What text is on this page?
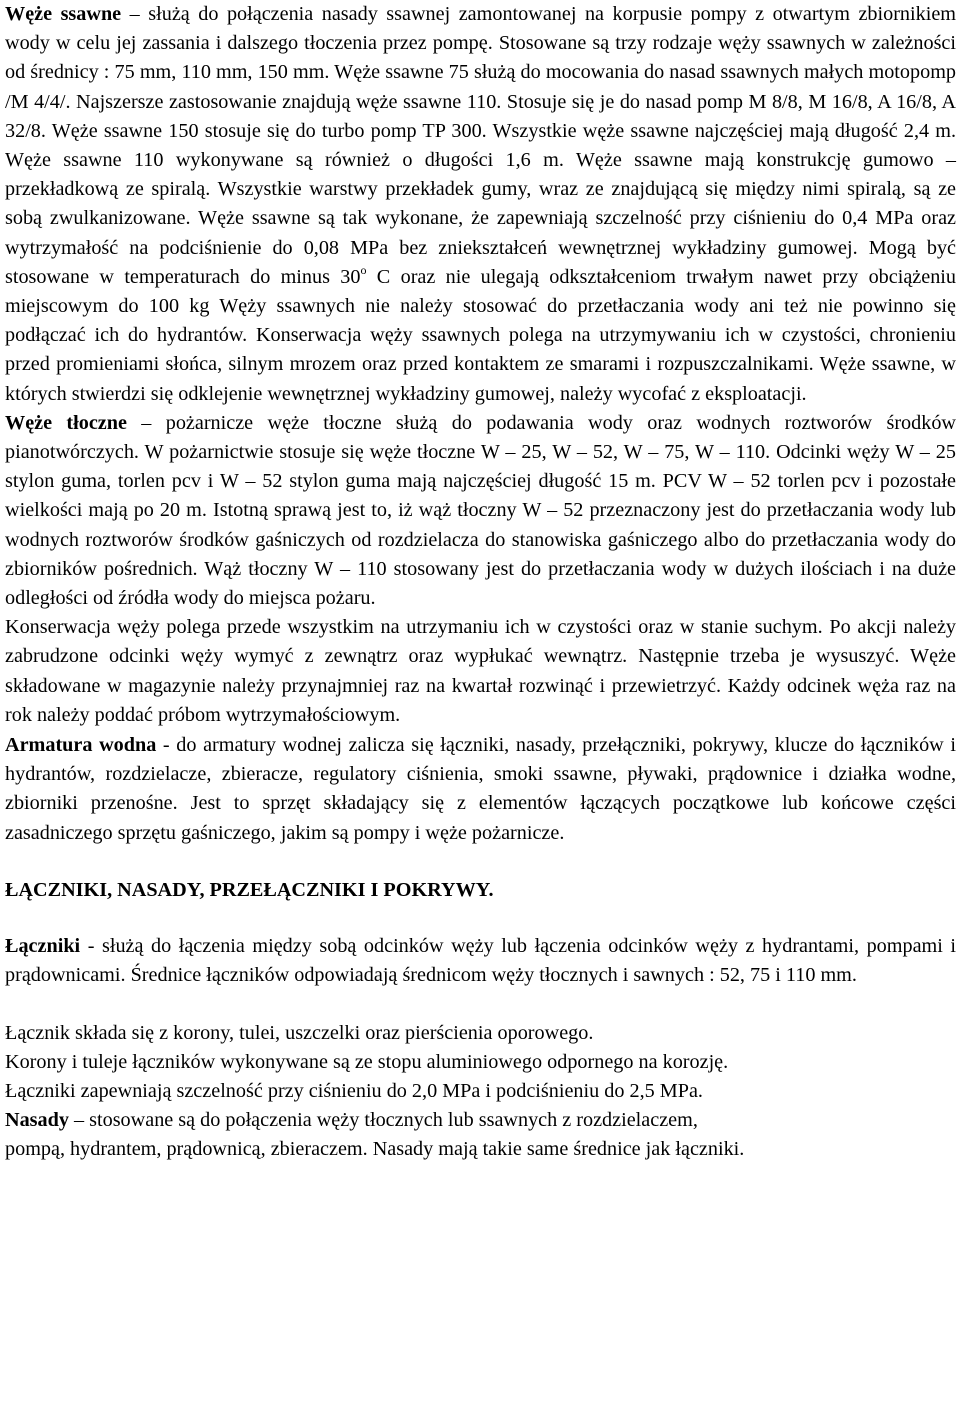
Węże ssawne – służą do połączenia nasady ssawnej zamontowanej na korpusie pompy z otwartym zbiornikiem wody w celu jej zassania i dalszego tłoczenia przez pompę. Stosowane są trzy rodzaje węży ssawnych w zależności od średnicy : 75 mm, 110 mm, 150 mm. Węże ssawne 75 służą do mocowania do nasad ssawnych małych motopomp /M 4/4/. Najszersze zastosowanie znajdują węże ssawne 110. Stosuje się je do nasad pomp M 8/8, M 16/8, A 16/8, A 32/8. Węże ssawne 150 stosuje się do turbo pomp TP 300. Wszystkie węże ssawne najczęściej mają długość 2,4 m. Węże ssawne 110 wykonywane są również o długości 1,6 m. Węże ssawne mają konstrukcję gumowo – przekładkową ze spiralą. Wszystkie warstwy przekładek gumy, wraz ze znajdującą się między nimi spiralą, są ze sobą zwulkanizowane. Węże ssawne są tak wykonane, że zapewniają szczelność przy ciśnieniu do 0,4 MPa oraz wytrzymałość na podciśnienie do 0,08 MPa bez zniekształceń wewnętrznej wykładziny gumowej. Mogą być stosowane w temperaturach do minus 30$^o$ C oraz nie ulegają odkształceniom trwałym nawet przy obciążeniu miejscowym do 100 kg Węży ssawnych nie należy stosować do przetłaczania wody ani też nie powinno się podłączać ich do hydrantów. Konserwacja węży ssawnych polega na utrzymywaniu ich w czystości, chronieniu przed promieniami słońca, silnym mrozem oraz przed kontaktem ze smarami i rozpuszczalnikami. Węże ssawne, w których stwierdzi się odklejenie wewnętrznej wykładziny gumowej, należy wycofać z eksploatacji.

Węże tłoczne – pożarnicze węże tłoczne służą do podawania wody oraz wodnych roztworów środków pianotwórczych. W pożarnictwie stosuje się węże tłoczne W – 25, W – 52, W – 75, W – 110. Odcinki węży W – 25 stylon guma, torlen pcv i W – 52 stylon guma mają najczęściej długość 15 m. PCV W – 52 torlen pcv i pozostałe wielkości mają po 20 m. Istotną sprawą jest to, iż wąż tłoczny W – 52 przeznaczony jest do przetłaczania wody lub wodnych roztworów środków gaśniczych od rozdzielacza do stanowiska gaśniczego albo do przetłaczania wody do zbiorników pośrednich. Wąż tłoczny W – 110 stosowany jest do przetłaczania wody w dużych ilościach i na duże odległości od źródła wody do miejsca pożaru.

Konserwacja węży polega przede wszystkim na utrzymaniu ich w czystości oraz w stanie suchym. Po akcji należy zabrudzone odcinki węży wymyć z zewnątrz oraz wypłukać wewnątrz. Następnie trzeba je wysuszyć. Węże składowane w magazynie należy przynajmniej raz na kwartał rozwinąć i przewietrzyć. Każdy odcinek węża raz na rok należy poddać próbom wytrzymałościowym.

Armatura wodna - do armatury wodnej zalicza się łączniki, nasady, przełączniki, pokrywy, klucze do łączników i hydrantów, rozdzielacze, zbieracze, regulatory ciśnienia, smoki ssawne, pływaki, prądownice i działka wodne, zbiorniki przenośne. Jest to sprzęt składający się z elementów łączących początkowe lub końcowe części zasadniczego sprzętu gaśniczego, jakim są pompy i węże pożarnicze.

ŁĄCZNIKI, NASADY, PRZEŁĄCZNIKI I POKRYWY.

Łączniki - służą do łączenia między sobą odcinków węży lub łączenia odcinków węży z hydrantami, pompami i prądownicami. Średnice łączników odpowiadają średnicom węży tłocznych i sawnych : 52, 75 i 110 mm.

Łącznik składa się z korony, tulei, uszczelki oraz pierścienia oporowego.

Korony i tuleje łączników wykonywane są ze stopu aluminiowego odpornego na korozję.

Łączniki zapewniają szczelność przy ciśnieniu do 2,0 MPa i podciśnieniu do 2,5 MPa.

Nasady – stosowane są do połączenia węży tłocznych lub ssawnych z rozdzielaczem,

pompą, hydrantem, prądownicą, zbieraczem. Nasady mają takie same średnice jak łączniki.
